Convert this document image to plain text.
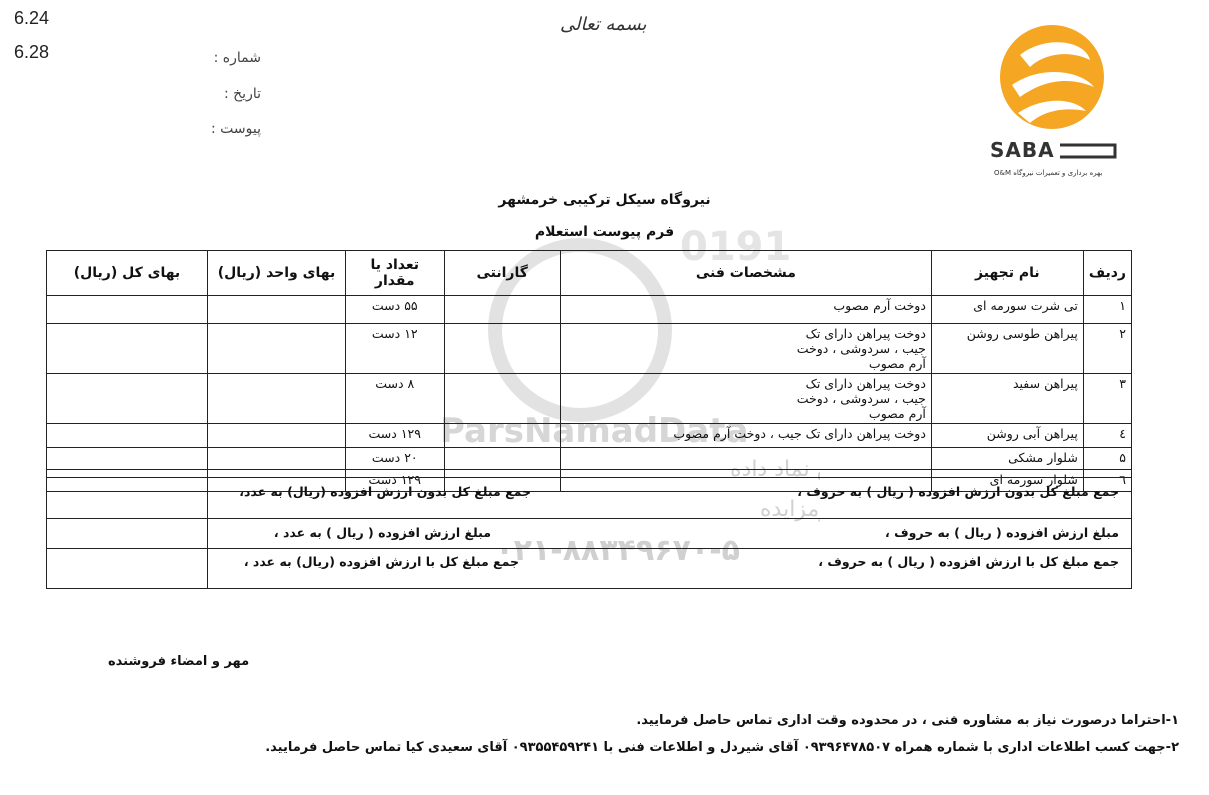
6.24
6.28
بسمه تعالی
شماره :
تاریخ :
پیوست :
SABA
O&M بهره برداری و تعمیرات نیروگاه
نیروگاه سیکل ترکیبی خرمشهر
فرم پیوست استعلام 0191
ParsNamadData
نماد داده
مزایده
۰۲۱-۸۸۳۴۹۶۷۰-۵
ردیف	نام تجهیز	مشخصات فنی	گارانتی	تعداد یا مقدار	بهای واحد (ریال)	بهای کل (ریال)
۱	تی شرت سورمه ای	دوخت آرم مصوب		۵۵ دست		
۲	پیراهن طوسی روشن	دوخت پیراهن دارای تک جیب ، سردوشی ، دوخت آرم مصوب		۱۲ دست		
۳	پیراهن سفید	دوخت پیراهن دارای تک جیب ، سردوشی ، دوخت آرم مصوب		۸ دست		
٤	پیراهن آبی روشن	دوخت پیراهن دارای تک جیب ، دوخت آرم مصوب		۱۲۹ دست		
۵	شلوار مشکی			۲۰ دست		
٦	شلوار سورمه ای			۱۲۹ دست		
جمع مبلغ کل بدون ارزش افزوده ( ریال ) به حروف ،
جمع مبلغ کل بدون ارزش افزوده (ریال) به عدد،
مبلغ ارزش افزوده ( ریال ) به حروف ،
مبلغ ارزش افزوده ( ریال ) به عدد ،
جمع مبلغ کل با ارزش افزوده ( ریال ) به حروف ،
جمع مبلغ کل با ارزش افزوده (ریال) به عدد ،
مهر و امضاء فروشنده
۱-احتراما درصورت نیاز به مشاوره فنی ، در محدوده وقت اداری تماس حاصل فرمایید.
۲-جهت کسب اطلاعات اداری با شماره همراه ۰۹۳۹۶۴۷۸۵۰۷ آقای شیردل و اطلاعات فنی با ۰۹۳۵۵۴۵۹۲۴۱ آقای سعیدی کیا تماس حاصل فرمایید.
